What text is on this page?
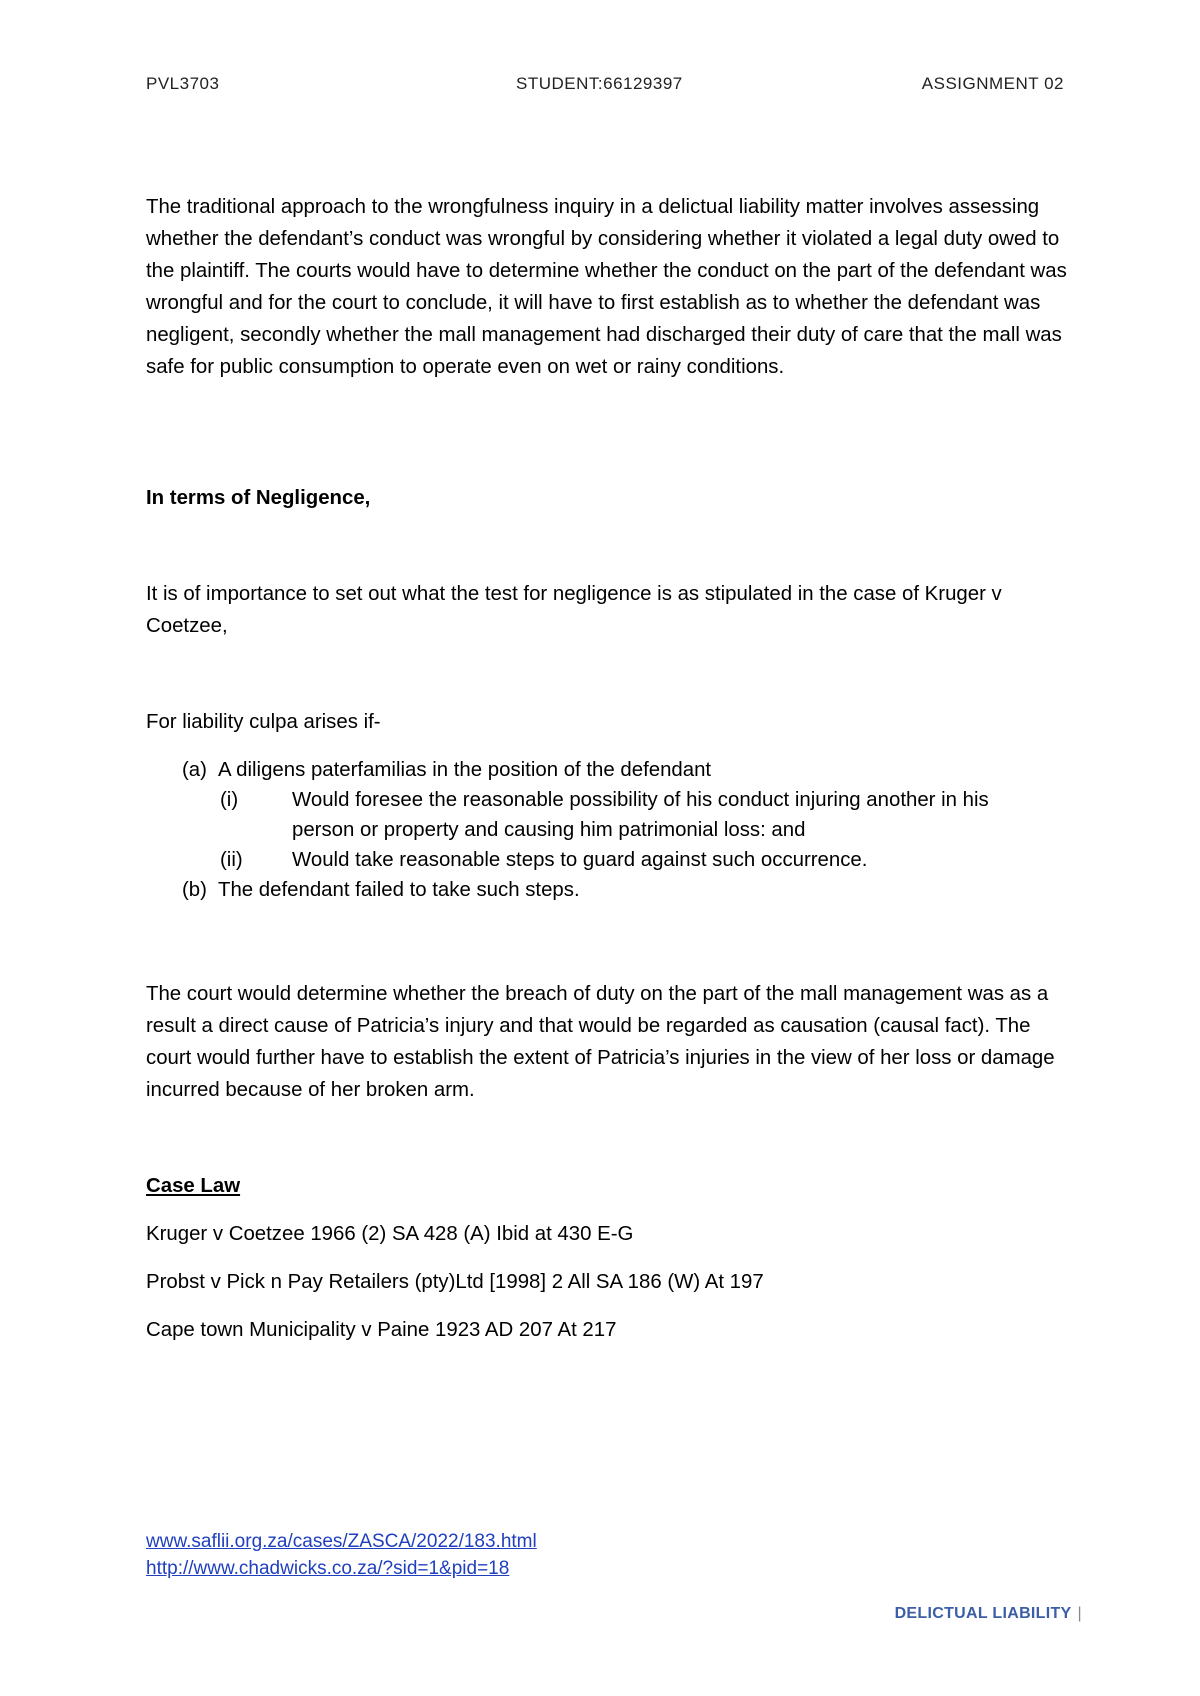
PVL3703	STUDENT:66129397	ASSIGNMENT 02
The traditional approach to the wrongfulness inquiry in a delictual liability matter involves assessing whether the defendant’s conduct was wrongful by considering whether it violated a legal duty owed to the plaintiff. The courts would have to determine whether the conduct on the part of the defendant was wrongful and for the court to conclude, it will have to first establish as to whether the defendant was negligent, secondly whether the mall management had discharged their duty of care that the mall was safe for public consumption to operate even on wet or rainy conditions.
In terms of Negligence,
It is of importance to set out what the test for negligence is as stipulated in the case of Kruger v Coetzee,
For liability culpa arises if-
(a) A diligens paterfamilias in the position of the defendant
(i)	Would foresee the reasonable possibility of his conduct injuring another in his
person or property and causing him patrimonial loss: and
(ii) Would take reasonable steps to guard against such occurrence.
(b) The defendant failed to take such steps.
The court would determine whether the breach of duty on the part of the mall management was as a result a direct cause of Patricia’s injury and that would be regarded as causation (causal fact). The court would further have to establish the extent of Patricia’s injuries in the view of her loss or damage incurred because of her broken arm.
Case Law
Kruger v Coetzee 1966 (2) SA 428 (A) Ibid at 430 E-G
Probst v Pick n Pay Retailers (pty)Ltd [1998] 2 All SA 186 (W) At 197
Cape town Municipality v Paine 1923 AD 207 At 217
www.saflii.org.za/cases/ZASCA/2022/183.html
http://www.chadwicks.co.za/?sid=1&pid=18
DELICTUAL LIABILITY |
